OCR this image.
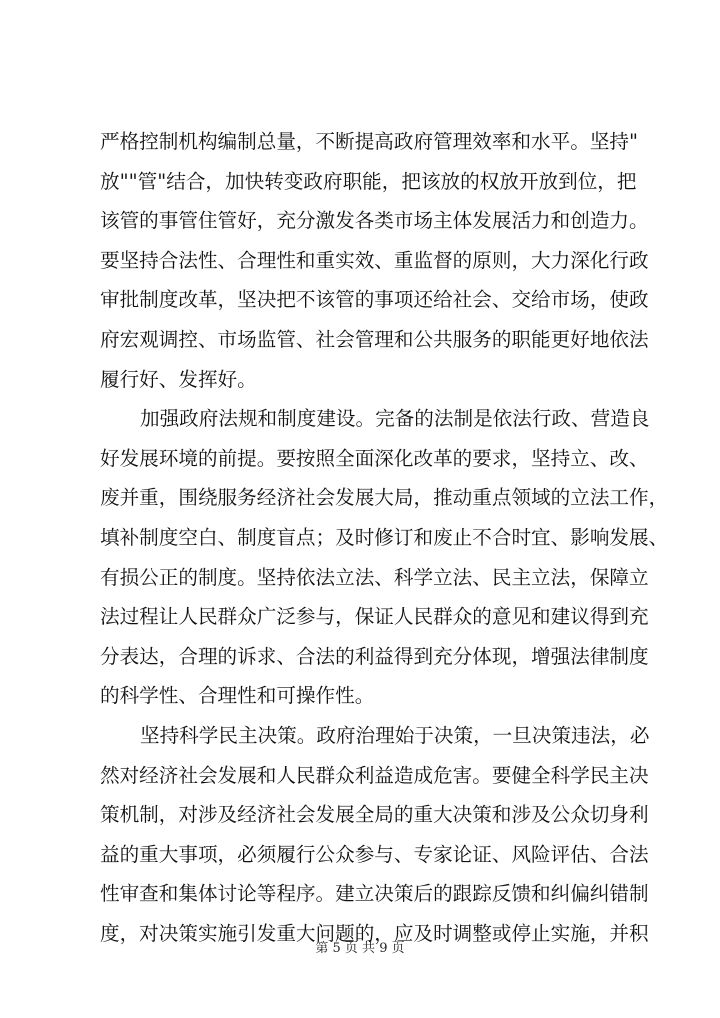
严格控制机构编制总量，不断提高政府管理效率和水平。坚持"
放""管"结合，加快转变政府职能，把该放的权放开放到位，把
该管的事管住管好，充分激发各类市场主体发展活力和创造力。
要坚持合法性、合理性和重实效、重监督的原则，大力深化行政
审批制度改革，坚决把不该管的事项还给社会、交给市场，使政
府宏观调控、市场监管、社会管理和公共服务的职能更好地依法
履行好、发挥好。
加强政府法规和制度建设。完备的法制是依法行政、营造良
好发展环境的前提。要按照全面深化改革的要求，坚持立、改、
废并重，围绕服务经济社会发展大局，推动重点领域的立法工作，
填补制度空白、制度盲点；及时修订和废止不合时宜、影响发展、
有损公正的制度。坚持依法立法、科学立法、民主立法，保障立
法过程让人民群众广泛参与，保证人民群众的意见和建议得到充
分表达，合理的诉求、合法的利益得到充分体现，增强法律制度
的科学性、合理性和可操作性。
坚持科学民主决策。政府治理始于决策，一旦决策违法，必
然对经济社会发展和人民群众利益造成危害。要健全科学民主决
策机制，对涉及经济社会发展全局的重大决策和涉及公众切身利
益的重大事项，必须履行公众参与、专家论证、风险评估、合法
性审查和集体讨论等程序。建立决策后的跟踪反馈和纠偏纠错制
度，对决策实施引发重大问题的，应及时调整或停止实施，并积
第 5 页 共 9 页
